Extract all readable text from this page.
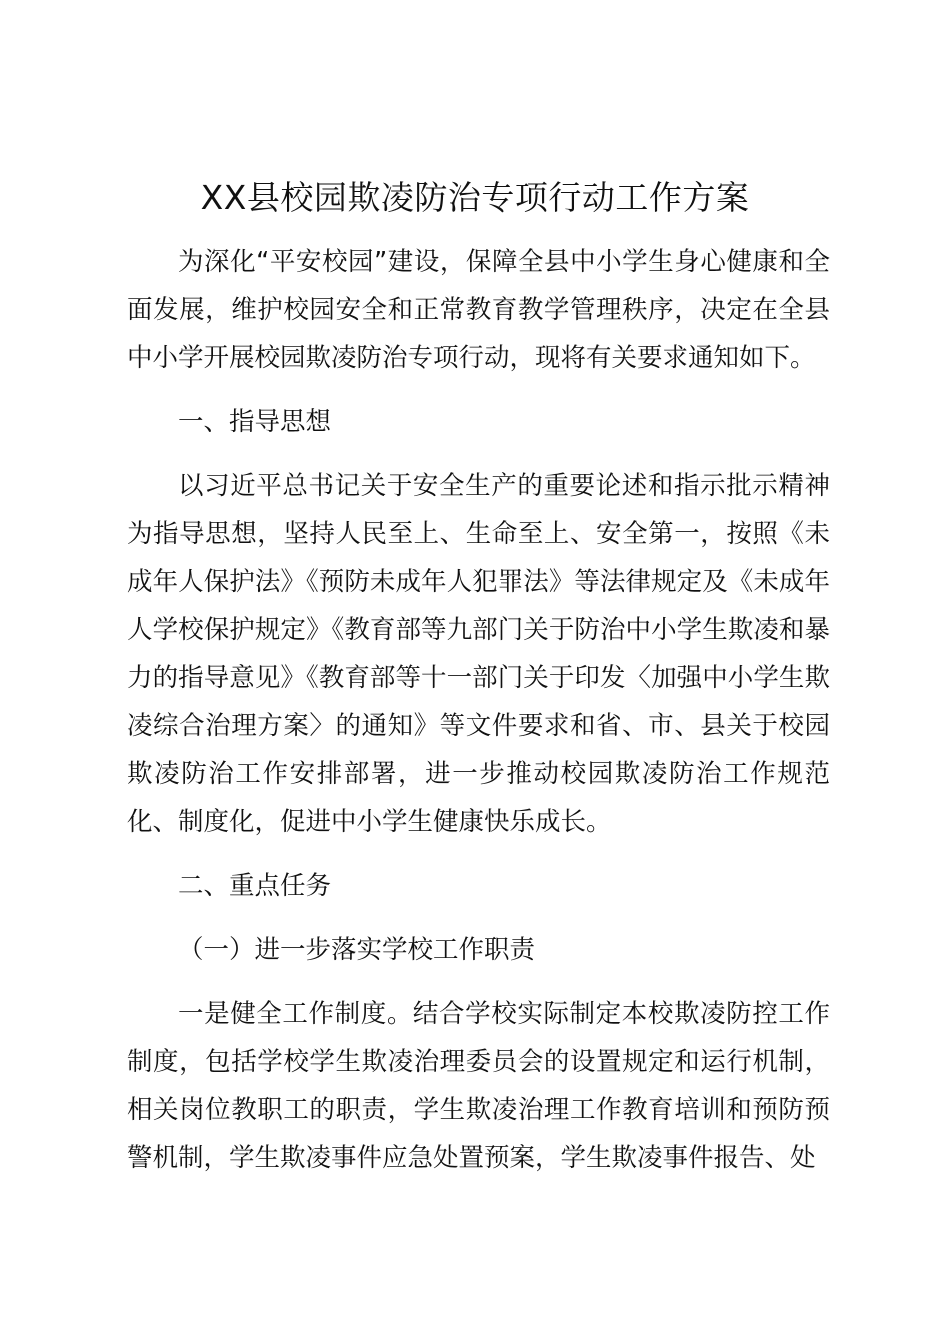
XX县校园欺凌防治专项行动工作方案

为深化“平安校园”建设，保障全县中小学生身心健康和全面发展，维护校园安全和正常教育教学管理秩序，决定在全县中小学开展校园欺凌防治专项行动，现将有关要求通知如下。

一、指导思想

以习近平总书记关于安全生产的重要论述和指示批示精神为指导思想，坚持人民至上、生命至上、安全第一，按照《未成年人保护法》《预防未成年人犯罪法》等法律规定及《未成年人学校保护规定》《教育部等九部门关于防治中小学生欺凌和暴力的指导意见》《教育部等十一部门关于印发〈加强中小学生欺凌综合治理方案〉的通知》等文件要求和省、市、县关于校园欺凌防治工作安排部署，进一步推动校园欺凌防治工作规范化、制度化，促进中小学生健康快乐成长。

二、重点任务

（一）进一步落实学校工作职责

一是健全工作制度。结合学校实际制定本校欺凌防控工作制度，包括学校学生欺凌治理委员会的设置规定和运行机制，相关岗位教职工的职责，学生欺凌治理工作教育培训和预防预警机制，学生欺凌事件应急处置预案，学生欺凌事件报告、处
